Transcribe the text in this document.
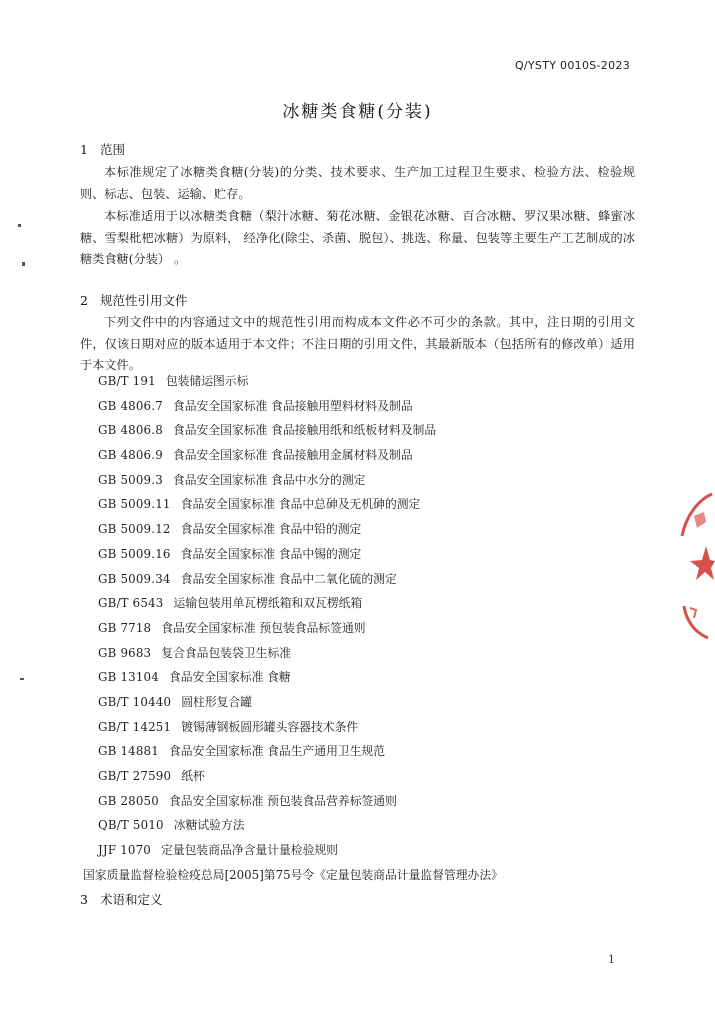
Q/YSTY 0010S-2023
冰糖类食糖(分装)
1 范围
本标准规定了冰糖类食糖(分装)的分类、技术要求、生产加工过程卫生要求、检验方法、检验规则、标志、包装、运输、贮存。
本标准适用于以冰糖类食糖（梨汁冰糖、菊花冰糖、金银花冰糖、百合冰糖、罗汉果冰糖、蜂蜜冰糖、雪梨枇杷冰糖）为原料， 经净化(除尘、杀菌、脱包）、挑选、称量、包装等主要生产工艺制成的冰糖类食糖(分装） 。
2 规范性引用文件
下列文件中的内容通过文中的规范性引用而构成本文件必不可少的条款。其中，注日期的引用文件，仅该日期对应的版本适用于本文件；不注日期的引用文件，其最新版本（包括所有的修改单）适用于本文件。
GB/T 191 包装储运图示标
GB 4806.7 食品安全国家标准 食品接触用塑料材料及制品
GB 4806.8 食品安全国家标准 食品接触用纸和纸板材料及制品
GB 4806.9 食品安全国家标准 食品接触用金属材料及制品
GB 5009.3 食品安全国家标准 食品中水分的测定
GB 5009.11 食品安全国家标准 食品中总砷及无机砷的测定
GB 5009.12 食品安全国家标准 食品中铅的测定
GB 5009.16 食品安全国家标准 食品中锡的测定
GB 5009.34 食品安全国家标准 食品中二氧化硫的测定
GB/T 6543 运输包装用单瓦楞纸箱和双瓦楞纸箱
GB 7718 食品安全国家标准 预包装食品标签通则
GB 9683 复合食品包装袋卫生标准
GB 13104 食品安全国家标准 食糖
GB/T 10440 圆柱形复合罐
GB/T 14251 镀锡薄钢板圆形罐头容器技术条件
GB 14881 食品安全国家标准 食品生产通用卫生规范
GB/T 27590 纸杯
GB 28050 食品安全国家标准 预包装食品营养标签通则
QB/T 5010 冰糖试验方法
JJF 1070 定量包装商品净含量计量检验规则
国家质量监督检验检疫总局[2005]第75号令《定量包装商品计量监督管理办法》
3 术语和定义
1
